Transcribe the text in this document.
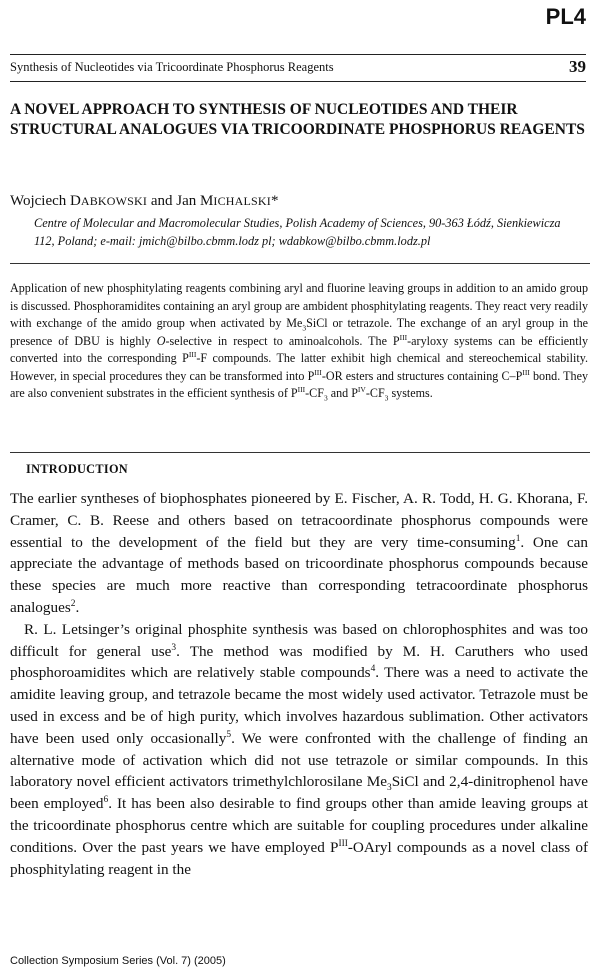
PL4
Synthesis of Nucleotides via Tricoordinate Phosphorus Reagents	39
A NOVEL APPROACH TO SYNTHESIS OF NUCLEOTIDES AND THEIR STRUCTURAL ANALOGUES VIA TRICOORDINATE PHOSPHORUS REAGENTS
Wojciech DABKOWSKI and Jan MICHALSKI*
Centre of Molecular and Macromolecular Studies, Polish Academy of Sciences, 90-363 Łódź, Sienkiewicza 112, Poland; e-mail: jmich@bilbo.cbmm.lodz pl; wdabkow@bilbo.cbmm.lodz.pl
Application of new phosphitylating reagents combining aryl and fluorine leaving groups in addition to an amido group is discussed. Phosphoramidites containing an aryl group are ambident phosphitylating reagents. They react very readily with exchange of the amido group when activated by $Me_3SiCl$ or tetrazole. The exchange of an aryl group in the presence of DBU is highly O-selective in respect to aminoalcohols. The $P^{III}$-aryloxy systems can be efficiently converted into the corresponding $P^{III}-F$ compounds. The latter exhibit high chemical and stereochemical stability. However, in special procedures they can be transformed into $P^{III}-OR$ esters and structures containing $C-P^{III}$ bond. They are also convenient substrates in the efficient synthesis of $P^{III}-CF_3$ and $P^{IV}-CF_3$ systems.
INTRODUCTION

The earlier syntheses of biophosphates pioneered by E. Fischer, A. R. Todd, H. G. Khorana, F. Cramer, C. B. Reese and others based on tetracoordinate phosphorus compounds were essential to the development of the field but they are very time-consuming$^1$. One can appreciate the advantage of methods based on tricoordinate phosphorus compounds because these species are much more reactive than corresponding tetracoordinate phosphorus analogues$^2$.

R. L. Letsinger’s original phosphite synthesis was based on chlorophosphites and was too difficult for general use$^3$. The method was modified by M. H. Caruthers who used phosphoroamidites which are relatively stable compounds$^4$. There was a need to activate the amidite leaving group, and tetrazole became the most widely used activator. Tetrazole must be used in excess and be of high purity, which involves hazardous sublimation. Other activators have been used only occasionally$^5$. We were confronted with the challenge of finding an alternative mode of activation which did not use tetrazole or similar compounds. In this laboratory novel efficient activators trimethylchlorosilane $Me_3SiCl$ and 2,4-dinitrophenol have been employed$^6$. It has been also desirable to find groups other than amide leaving groups at the tricoordinate phosphorus centre which are suitable for coupling procedures under alkaline conditions. Over the past years we have employed $P^{III}$-OAryl compounds as a novel class of phosphitylating reagent in the

Collection Symposium Series (Vol. 7) (2005)
